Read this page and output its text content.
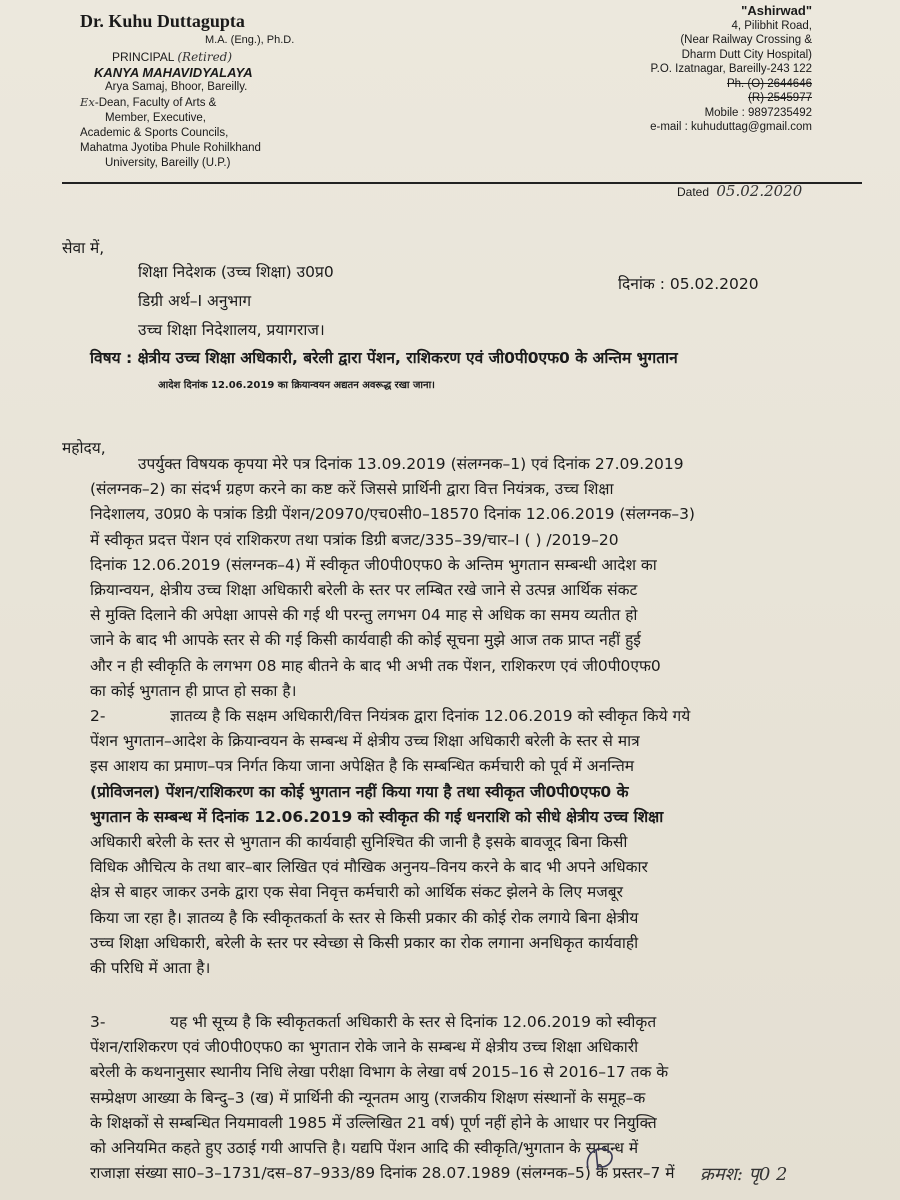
Dr. Kuhu Duttagupta
M.A. (Eng.), Ph.D.
PRINCIPAL (Retired)
KANYA MAHAVIDYALAYA
Arya Samaj, Bhoor, Bareilly.
Ex-Dean, Faculty of Arts &
Member, Executive,
Academic & Sports Councils,
Mahatma Jyotiba Phule Rohilkhand
University, Bareilly (U.P.)
"Ashirwad"
4, Pilibhit Road,
(Near Railway Crossing &
Dharm Dutt City Hospital)
P.O. Izatnagar, Bareilly-243 122
Ph. (O) 2644646
(R) 2545977
Mobile : 9897235492
e-mail : kuhuduttag@gmail.com
Dated 05.02.2020
सेवा में,
शिक्षा निदेशक (उच्च शिक्षा) उ0प्र0
डिग्री अर्थ–I अनुभाग
उच्च शिक्षा निदेशालय, प्रयागराज।
दिनांक : 05.02.2020
विषय : क्षेत्रीय उच्च शिक्षा अधिकारी, बरेली द्वारा पेंशन, राशिकरण एवं जी0पी0एफ0 के अन्तिम भुगतान
आदेश दिनांक 12.06.2019 का क्रियान्वयन अद्यतन अवरूद्ध रखा जाना।
महोदय,
उपर्युक्त विषयक कृपया मेरे पत्र दिनांक 13.09.2019 (संलग्नक–1) एवं दिनांक 27.09.2019
(संलग्नक–2) का संदर्भ ग्रहण करने का कष्ट करें जिससे प्रार्थिनी द्वारा वित्त नियंत्रक, उच्च शिक्षा
निदेशालय, उ0प्र0 के पत्रांक डिग्री पेंशन/20970/एच0सी0–18570 दिनांक 12.06.2019 (संलग्नक–3)
में स्वीकृत प्रदत्त पेंशन एवं राशिकरण तथा पत्रांक डिग्री बजट/335–39/चार–I ( ) /2019–20
दिनांक 12.06.2019 (संलग्नक–4) में स्वीकृत जी0पी0एफ0 के अन्तिम भुगतान सम्बन्धी आदेश का
क्रियान्वयन, क्षेत्रीय उच्च शिक्षा अधिकारी बरेली के स्तर पर लम्बित रखे जाने से उत्पन्न आर्थिक संकट
से मुक्ति दिलाने की अपेक्षा आपसे की गई थी परन्तु लगभग 04 माह से अधिक का समय व्यतीत हो
जाने के बाद भी आपके स्तर से की गई किसी कार्यवाही की कोई सूचना मुझे आज तक प्राप्त नहीं हुई
और न ही स्वीकृति के लगभग 08 माह बीतने के बाद भी अभी तक पेंशन, राशिकरण एवं जी0पी0एफ0
का कोई भुगतान ही प्राप्त हो सका है।
2-	ज्ञातव्य है कि सक्षम अधिकारी/वित्त नियंत्रक द्वारा दिनांक 12.06.2019 को स्वीकृत किये गये
पेंशन भुगतान–आदेश के क्रियान्वयन के सम्बन्ध में क्षेत्रीय उच्च शिक्षा अधिकारी बरेली के स्तर से मात्र
इस आशय का प्रमाण–पत्र निर्गत किया जाना अपेक्षित है कि सम्बन्धित कर्मचारी को पूर्व में अनन्तिम
(प्रोविजनल) पेंशन/राशिकरण का कोई भुगतान नहीं किया गया है तथा स्वीकृत जी0पी0एफ0 के
भुगतान के सम्बन्ध में दिनांक 12.06.2019 को स्वीकृत की गई धनराशि को सीधे क्षेत्रीय उच्च शिक्षा
अधिकारी बरेली के स्तर से भुगतान की कार्यवाही सुनिश्चित की जानी है इसके बावजूद बिना किसी
विधिक औचित्य के तथा बार–बार लिखित एवं मौखिक अनुनय–विनय करने के बाद भी अपने अधिकार
क्षेत्र से बाहर जाकर उनके द्वारा एक सेवा निवृत्त कर्मचारी को आर्थिक संकट झेलने के लिए मजबूर
किया जा रहा है। ज्ञातव्य है कि स्वीकृतकर्ता के स्तर से किसी प्रकार की कोई रोक लगाये बिना क्षेत्रीय
उच्च शिक्षा अधिकारी, बरेली के स्तर पर स्वेच्छा से किसी प्रकार का रोक लगाना अनधिकृत कार्यवाही
की परिधि में आता है।
3-	यह भी सूच्य है कि स्वीकृतकर्ता अधिकारी के स्तर से दिनांक 12.06.2019 को स्वीकृत
पेंशन/राशिकरण एवं जी0पी0एफ0 का भुगतान रोके जाने के सम्बन्ध में क्षेत्रीय उच्च शिक्षा अधिकारी
बरेली के कथनानुसार स्थानीय निधि लेखा परीक्षा विभाग के लेखा वर्ष 2015–16 से 2016–17 तक के
सम्प्रेक्षण आख्या के बिन्दु–3 (ख) में प्रार्थिनी की न्यूनतम आयु (राजकीय शिक्षण संस्थानों के समूह–क
के शिक्षकों से सम्बन्धित नियमावली 1985 में उल्लिखित 21 वर्ष) पूर्ण नहीं होने के आधार पर नियुक्ति
को अनियमित कहते हुए उठाई गयी आपत्ति है। यद्यपि पेंशन आदि की स्वीकृति/भुगतान के सम्बन्ध में
राजाज्ञा संख्या सा0–3–1731/दस–87–933/89 दिनांक 28.07.1989 (संलग्नक–5) के प्रस्तर–7 में	क्रमश: पृ0 2
